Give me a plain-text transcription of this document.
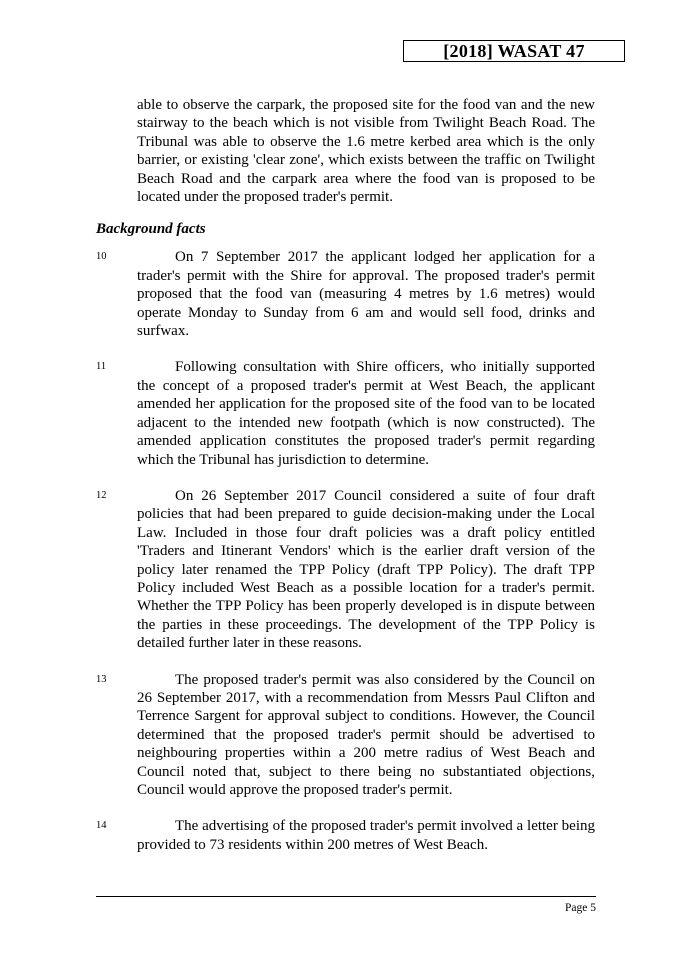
[2018] WASAT 47

able to observe the carpark, the proposed site for the food van and the new stairway to the beach which is not visible from Twilight Beach Road. The Tribunal was able to observe the 1.6 metre kerbed area which is the only barrier, or existing 'clear zone', which exists between the traffic on Twilight Beach Road and the carpark area where the food van is proposed to be located under the proposed trader's permit.

Background facts
10	On 7 September 2017 the applicant lodged her application for a trader's permit with the Shire for approval. The proposed trader's permit proposed that the food van (measuring 4 metres by 1.6 metres) would operate Monday to Sunday from 6 am and would sell food, drinks and surfwax.

11	Following consultation with Shire officers, who initially supported the concept of a proposed trader's permit at West Beach, the applicant amended her application for the proposed site of the food van to be located adjacent to the intended new footpath (which is now constructed). The amended application constitutes the proposed trader's permit regarding which the Tribunal has jurisdiction to determine.

12	On 26 September 2017 Council considered a suite of four draft policies that had been prepared to guide decision-making under the Local Law. Included in those four draft policies was a draft policy entitled 'Traders and Itinerant Vendors' which is the earlier draft version of the policy later renamed the TPP Policy (draft TPP Policy). The draft TPP Policy included West Beach as a possible location for a trader's permit. Whether the TPP Policy has been properly developed is in dispute between the parties in these proceedings. The development of the TPP Policy is detailed further later in these reasons.

13	The proposed trader's permit was also considered by the Council on 26 September 2017, with a recommendation from Messrs Paul Clifton and Terrence Sargent for approval subject to conditions. However, the Council determined that the proposed trader's permit should be advertised to neighbouring properties within a 200 metre radius of West Beach and Council noted that, subject to there being no substantiated objections, Council would approve the proposed trader's permit.

14	The advertising of the proposed trader's permit involved a letter being provided to 73 residents within 200 metres of West Beach.

Page 5
